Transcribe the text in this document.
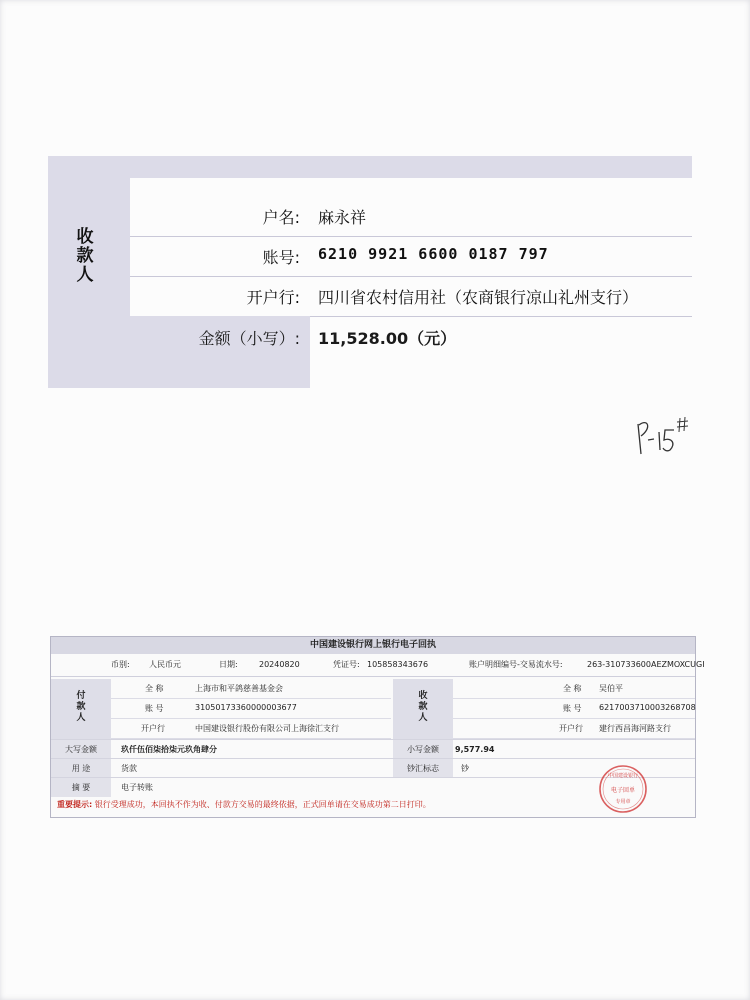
收款人
户名: 麻永祥
账号: 6210 9921 6600 0187 797
开户行: 四川省农村信用社（农商银行凉山礼州支行）
金额（小写）: 11,528.00（元）
中国建设银行网上银行电子回执
币别: 人民币元	日期:	20240820	凭证号: 105858343676	账户明细编号-交易流水号:	263-310733600AEZMOXCUGI
付款人
全 称	上海市和平鸽慈善基金会
账 号	31050173360000003677
开户行	中国建设银行股份有限公司上海徐汇支行
收款人
全 称 吴伯平
账 号 6217003710003268708
开户行 建行西昌海河路支行
大写金额	玖仟伍佰柒拾柒元玖角肆分	小写金额	9,577.94
用 途	货款	钞汇标志	钞
摘 要	电子转账
重要提示: 银行受理成功，本回执不作为收、付款方交易的最终依据，正式回单请在交易成功第二日打印。
中国建设银行
电子回单
专用章
